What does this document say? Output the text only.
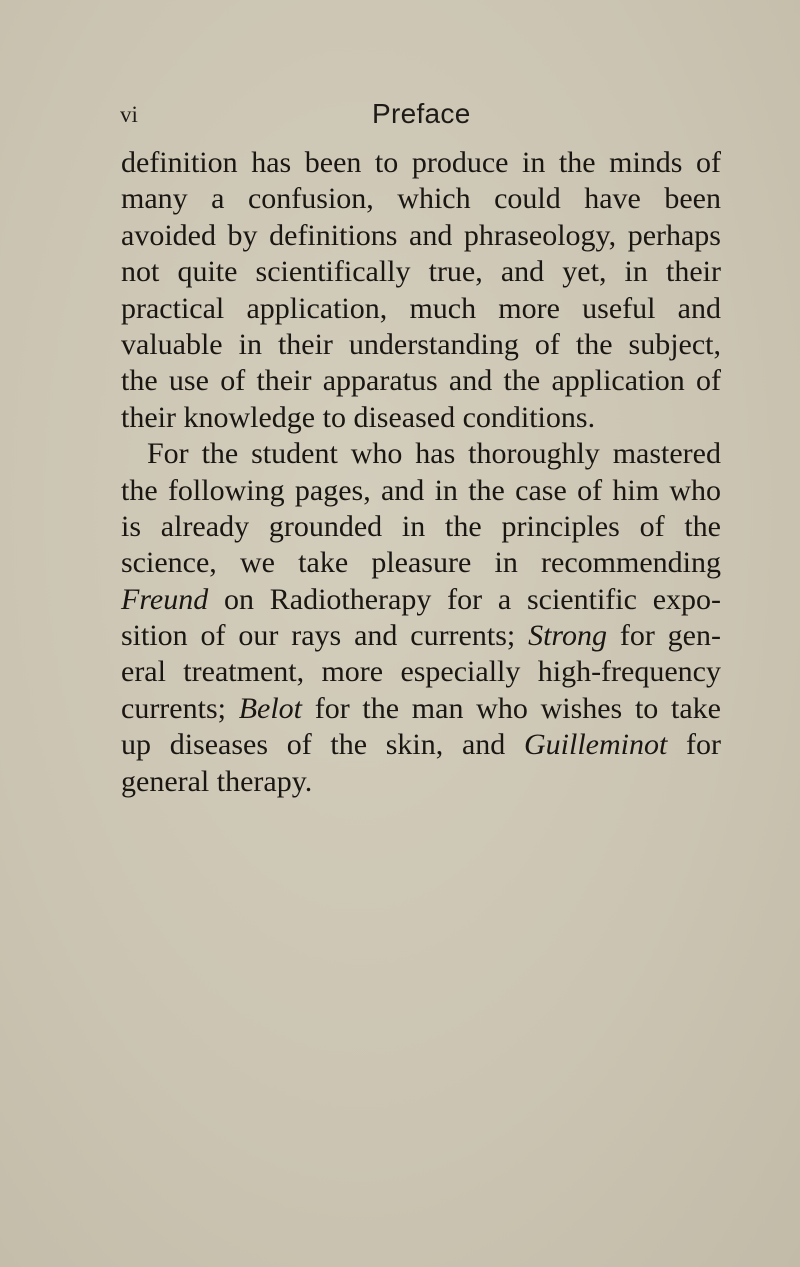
vi	Preface
definition has been to produce in the minds of
many a confusion, which could have been
avoided by definitions and phraseology, perhaps
not quite scientifically true, and yet, in their
practical application, much more useful and
valuable in their understanding of the subject,
the use of their apparatus and the application of
their knowledge to diseased conditions.
For the student who has thoroughly mastered
the following pages, and in the case of him who
is already grounded in the principles of the
science, we take pleasure in recommending
Freund on Radiotherapy for a scientific expo-
sition of our rays and currents; Strong for gen-
eral treatment, more especially high-frequency
currents; Belot for the man who wishes to take
up diseases of the skin, and Guilleminot for
general therapy.
